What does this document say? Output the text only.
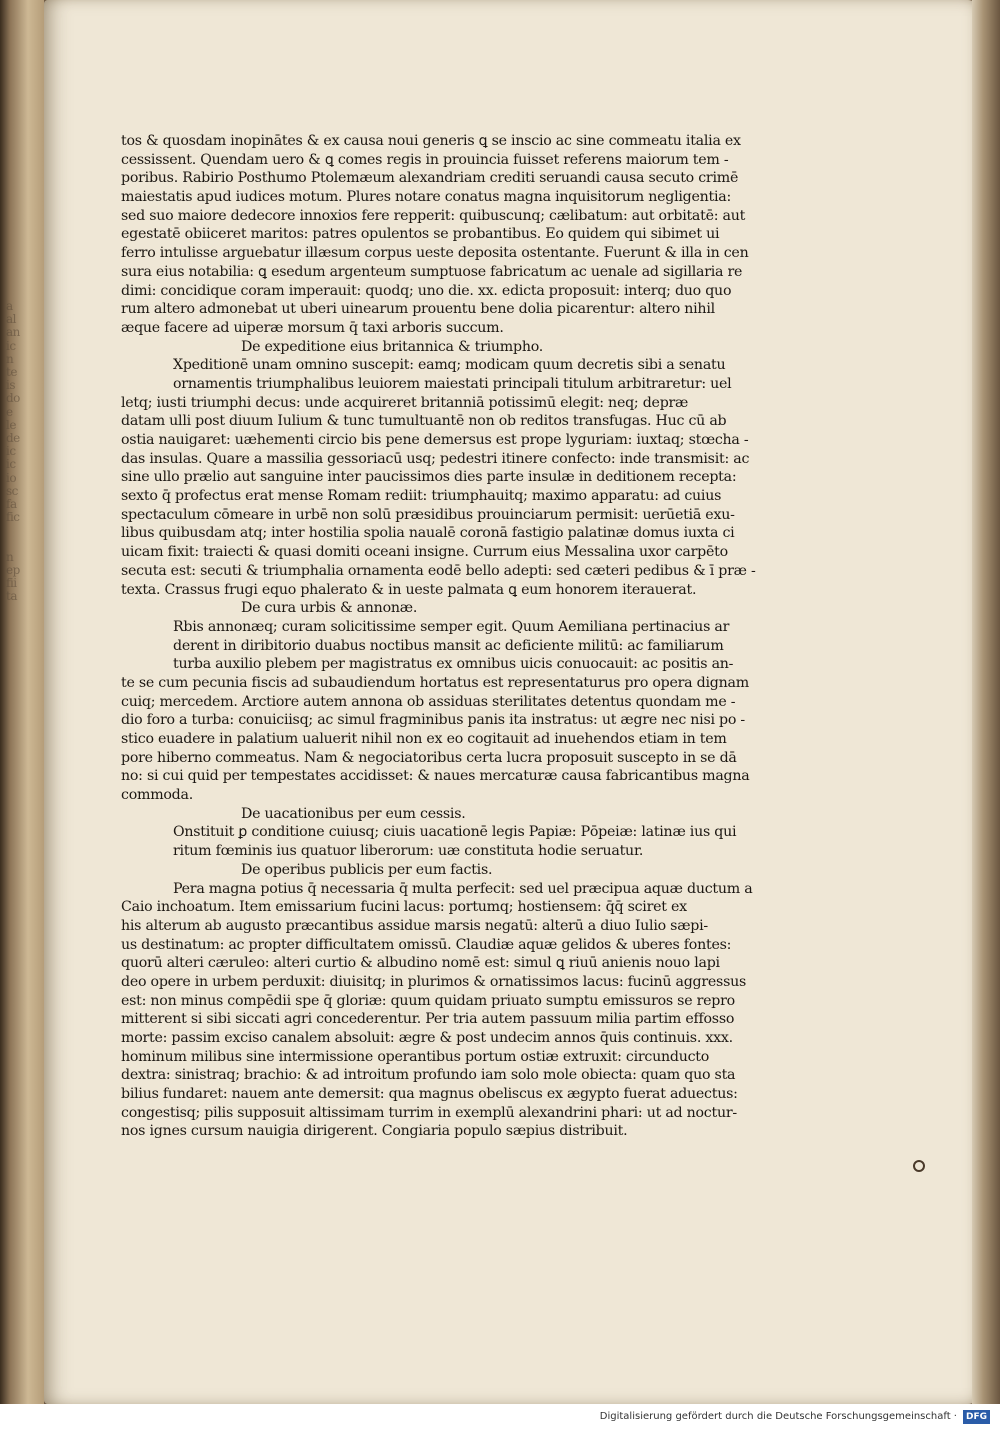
a
al
an
ic
n
te
is
do
e
le
de
ic
ic
io
sc
fa
fic

n
ep
fii
ta
tos & quosdam inopinātes & ex causa noui generis ꝗ se inscio ac sine commeatu italia ex
cessissent. Quendam uero & ꝗ comes regis in prouincia fuisset referens maiorum tem ‑
poribus. Rabirio Posthumo Ptolemæum alexandriam crediti seruandi causa secuto crimē
maiestatis apud iudices motum. Plures notare conatus magna inquisitorum negligentia:
sed suo maiore dedecore innoxios fere repperit: quibuscunq; cælibatum: aut orbitatē: aut
egestatē obiiceret maritos: patres opulentos se probantibus. Eo quidem qui sibimet ui
ferro intulisse arguebatur illæsum corpus ueste deposita ostentante. Fuerunt & illa in cen
sura eius notabilia: ꝗ esedum argenteum sumptuose fabricatum ac uenale ad sigillaria re
dimi: concidique coram imperauit: quodq; uno die. xx. edicta proposuit: interq; duo quo
rum altero admonebat ut uberi uinearum prouentu bene dolia picarentur: altero nihil
æque facere ad uiperæ morsum q̄ taxi arboris succum.
De expeditione eius britannica & triumpho.
Xpeditionē unam omnino suscepit: eamq; modicam quum decretis sibi a senatu
ornamentis triumphalibus leuiorem maiestati principali titulum arbitraretur: uel
letq; iusti triumphi decus: unde acquireret britanniā potissimū elegit: neq; depræ
datam ulli post diuum Iulium & tunc tumultuantē non ob reditos transfugas. Huc cū ab
ostia nauigaret: uæhementi circio bis pene demersus est prope lyguriam: iuxtaq; stœcha ‑
das insulas. Quare a massilia gessoriacū usq; pedestri itinere confecto: inde transmisit: ac
sine ullo prælio aut sanguine inter paucissimos dies parte insulæ in deditionem recepta:
sexto q̄ profectus erat mense Romam rediit: triumphauitq; maximo apparatu: ad cuius
spectaculum cōmeare in urbē non solū præsidibus prouinciarum permisit: uerūetiā exu‑
libus quibusdam atq; inter hostilia spolia naualē coronā fastigio palatinæ domus iuxta ci
uicam fixit: traiecti & quasi domiti oceani insigne. Currum eius Messalina uxor carpēto
secuta est: secuti & triumphalia ornamenta eodē bello adepti: sed cæteri pedibus & ī præ ‑
texta. Crassus frugi equo phalerato & in ueste palmata ꝗ eum honorem iterauerat.
De cura urbis & annonæ.
Rbis annonæq; curam solicitissime semper egit. Quum Aemiliana pertinacius ar
derent in diribitorio duabus noctibus mansit ac deficiente militū: ac familiarum
turba auxilio plebem per magistratus ex omnibus uicis conuocauit: ac positis an‑
te se cum pecunia fiscis ad subaudiendum hortatus est representaturus pro opera dignam
cuiq; mercedem. Arctiore autem annona ob assiduas sterilitates detentus quondam me ‑
dio foro a turba: conuiciisq; ac simul fragminibus panis ita instratus: ut ægre nec nisi po ‑
stico euadere in palatium ualuerit nihil non ex eo cogitauit ad inuehendos etiam in tem
pore hiberno commeatus. Nam & negociatoribus certa lucra proposuit suscepto in se dā
no: si cui quid per tempestates accidisset: & naues mercaturæ causa fabricantibus magna
commoda.
De uacationibus per eum cessis.
Onstituit ꝑ conditione cuiusq; ciuis uacationē legis Papiæ: Pōpeiæ: latinæ ius qui
ritum fœminis ius quatuor liberorum: uæ constituta hodie seruatur.
De operibus publicis per eum factis.
Pera magna potius q̄ necessaria q̄ multa perfecit: sed uel præcipua aquæ ductum a
Caio inchoatum. Item emissarium fucini lacus: portumq; hostiensem: q̄q̄ sciret ex
his alterum ab augusto præcantibus assidue marsis negatū: alterū a diuo Iulio sæpi‑
us destinatum: ac propter difficultatem omissū. Claudiæ aquæ gelidos & uberes fontes:
quorū alteri cæruleo: alteri curtio & albudino nomē est: simul ꝗ riuū anienis nouo lapi
deo opere in urbem perduxit: diuisitq; in plurimos & ornatissimos lacus: fucinū aggressus
est: non minus compēdii spe q̄ gloriæ: quum quidam priuato sumptu emissuros se repro
mitterent si sibi siccati agri concederentur. Per tria autem passuum milia partim effosso
morte: passim exciso canalem absoluit: ægre & post undecim annos q̄uis continuis. xxx.
hominum milibus sine intermissione operantibus portum ostiæ extruxit: circunducto
dextra: sinistraq; brachio: & ad introitum profundo iam solo mole obiecta: quam quo sta
bilius fundaret: nauem ante demersit: qua magnus obeliscus ex ægypto fuerat aduectus:
congestisq; pilis supposuit altissimam turrim in exemplū alexandrini phari: ut ad noctur‑
nos ignes cursum nauigia dirigerent. Congiaria populo sæpius distribuit.
Digitalisierung gefördert durch die Deutsche Forschungsgemeinschaft ·	DFG
